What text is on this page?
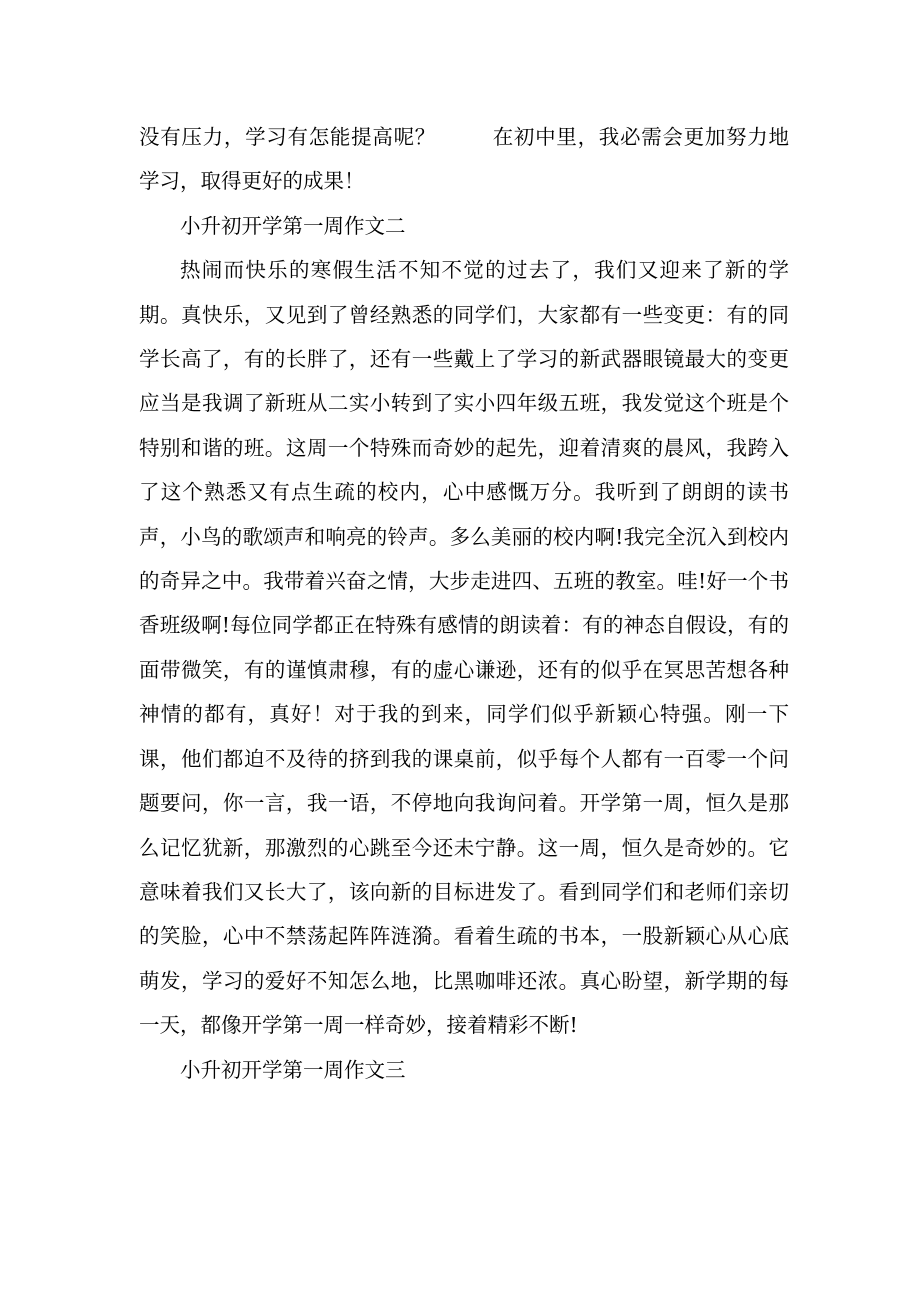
没有压力，学习有怎能提高呢？	在初中里，我必需会更加努力地学习，取得更好的成果！

小升初开学第一周作文二

热闹而快乐的寒假生活不知不觉的过去了，我们又迎来了新的学期。真快乐，又见到了曾经熟悉的同学们，大家都有一些变更：有的同学长高了，有的长胖了，还有一些戴上了学习的新武器眼镜最大的变更应当是我调了新班从二实小转到了实小四年级五班，我发觉这个班是个特别和谐的班。这周一个特殊而奇妙的起先，迎着清爽的晨风，我跨入了这个熟悉又有点生疏的校内，心中感慨万分。我听到了朗朗的读书声，小鸟的歌颂声和响亮的铃声。多么美丽的校内啊!我完全沉入到校内的奇异之中。我带着兴奋之情，大步走进四、五班的教室。哇!好一个书香班级啊!每位同学都正在特殊有感情的朗读着：有的神态自假设，有的面带微笑，有的谨慎肃穆，有的虚心谦逊，还有的似乎在冥思苦想各种神情的都有，真好！对于我的到来，同学们似乎新颖心特强。刚一下课，他们都迫不及待的挤到我的课桌前，似乎每个人都有一百零一个问题要问，你一言，我一语，不停地向我询问着。开学第一周，恒久是那么记忆犹新，那激烈的心跳至今还未宁静。这一周，恒久是奇妙的。它意味着我们又长大了，该向新的目标进发了。看到同学们和老师们亲切的笑脸，心中不禁荡起阵阵涟漪。看着生疏的书本，一股新颖心从心底萌发，学习的爱好不知怎么地，比黑咖啡还浓。真心盼望，新学期的每一天，都像开学第一周一样奇妙，接着精彩不断!

小升初开学第一周作文三
